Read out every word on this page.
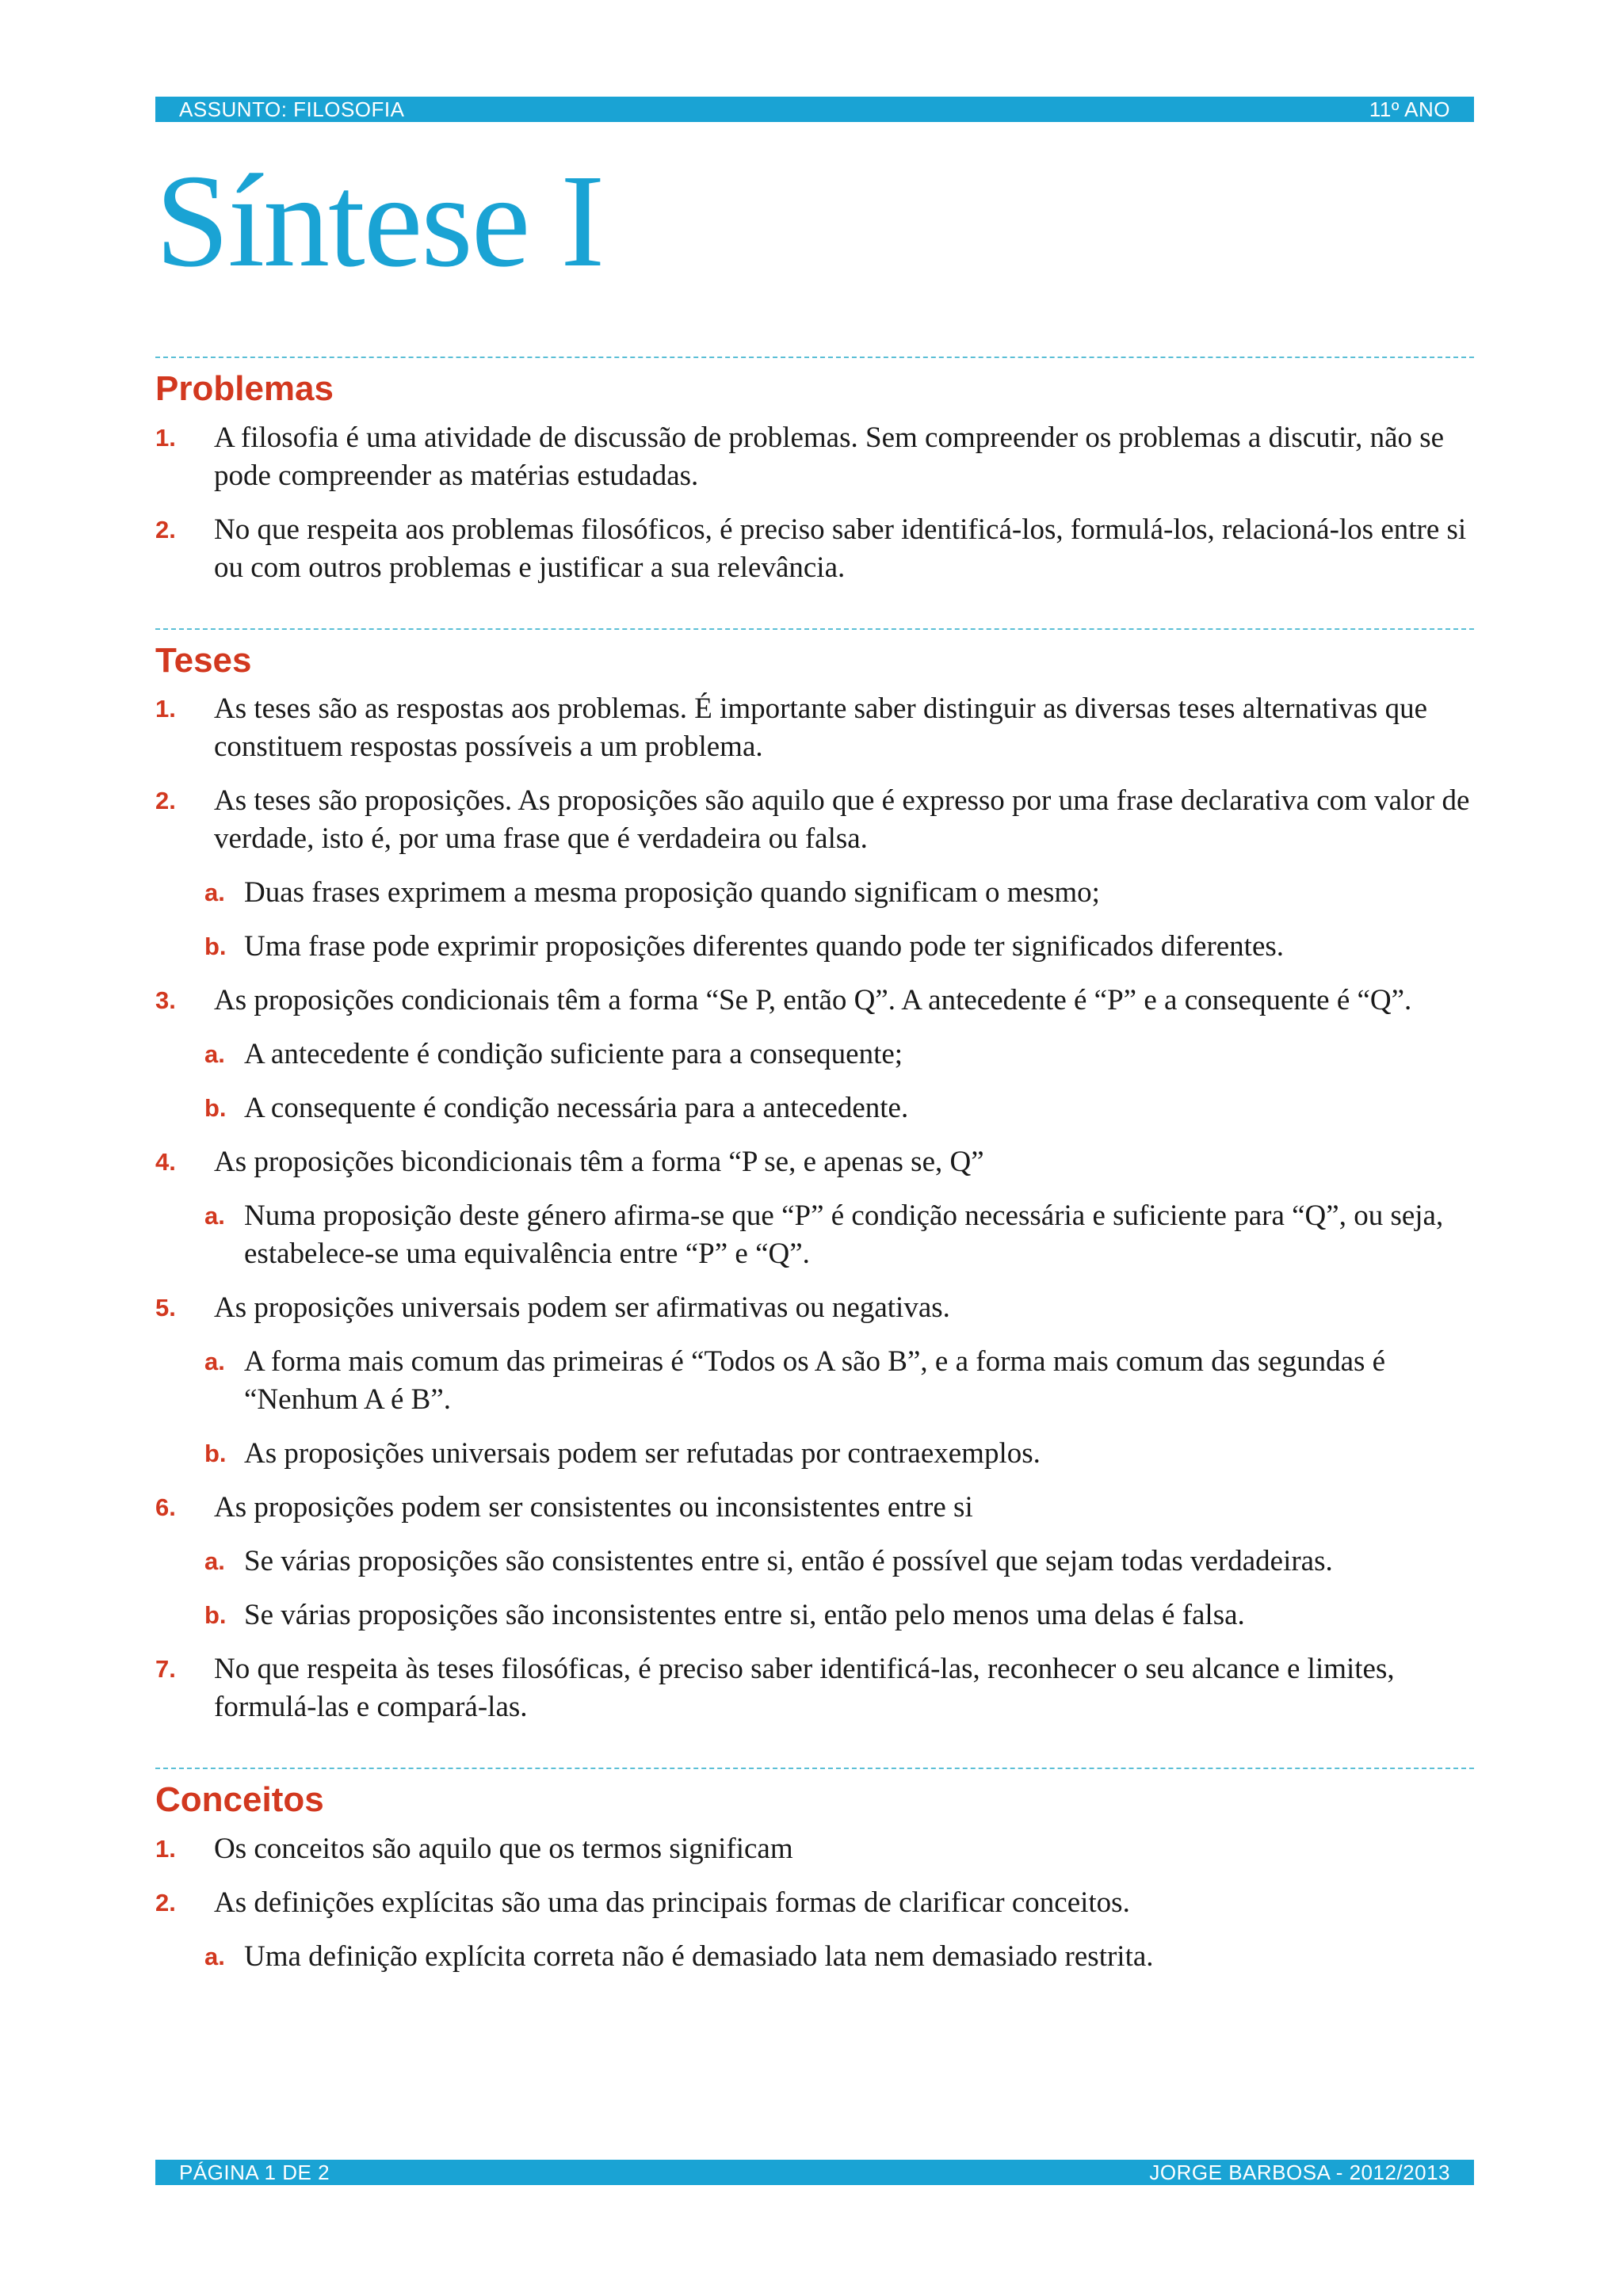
ASSUNTO: FILOSOFIA	11º ANO
Síntese I
Problemas
1.	A filosofia é uma atividade de discussão de problemas. Sem compreender os problemas a discutir, não se pode compreender as matérias estudadas.
2.	No que respeita aos problemas filosóficos, é preciso saber identificá-los, formulá-los, relacioná-los entre si ou com outros problemas e justificar a sua relevância.
Teses
1.	As teses são as respostas aos problemas. É importante saber distinguir as diversas teses alternativas que constituem respostas possíveis a um problema.
2.	As teses são proposições. As proposições são aquilo que é expresso por uma frase declarativa com valor de verdade, isto é, por uma frase que é verdadeira ou falsa.
a. Duas frases exprimem a mesma proposição quando significam o mesmo;
b. Uma frase pode exprimir proposições diferentes quando pode ter significados diferentes.
3.	As proposições condicionais têm a forma “Se P, então Q”. A antecedente é “P” e a consequente é “Q”.
a. A antecedente é condição suficiente para a consequente;
b. A consequente é condição necessária para a antecedente.
4.	As proposições bicondicionais têm a forma “P se, e apenas se, Q”
a. Numa proposição deste género afirma-se que “P” é condição necessária e suficiente para “Q”, ou seja, estabelece-se uma equivalência entre “P” e “Q”.
5.	As proposições universais podem ser afirmativas ou negativas.
a. A forma mais comum das primeiras é “Todos os A são B”, e a forma mais comum das segundas é “Nenhum A é B”.
b. As proposições universais podem ser refutadas por contraexemplos.
6.	As proposições podem ser consistentes ou inconsistentes entre si
a. Se várias proposições são consistentes entre si, então é possível que sejam todas verdadeiras.
b. Se várias proposições são inconsistentes entre si, então pelo menos uma delas é falsa.
7.	No que respeita às teses filosóficas, é preciso saber identificá-las, reconhecer o seu alcance e limites, formulá-las e compará-las.
Conceitos
1.	Os conceitos são aquilo que os termos significam
2.	As definições explícitas são uma das principais formas de clarificar conceitos.
a. Uma definição explícita correta não é demasiado lata nem demasiado restrita.
PÁGINA 1 DE 2	JORGE BARBOSA - 2012/2013
